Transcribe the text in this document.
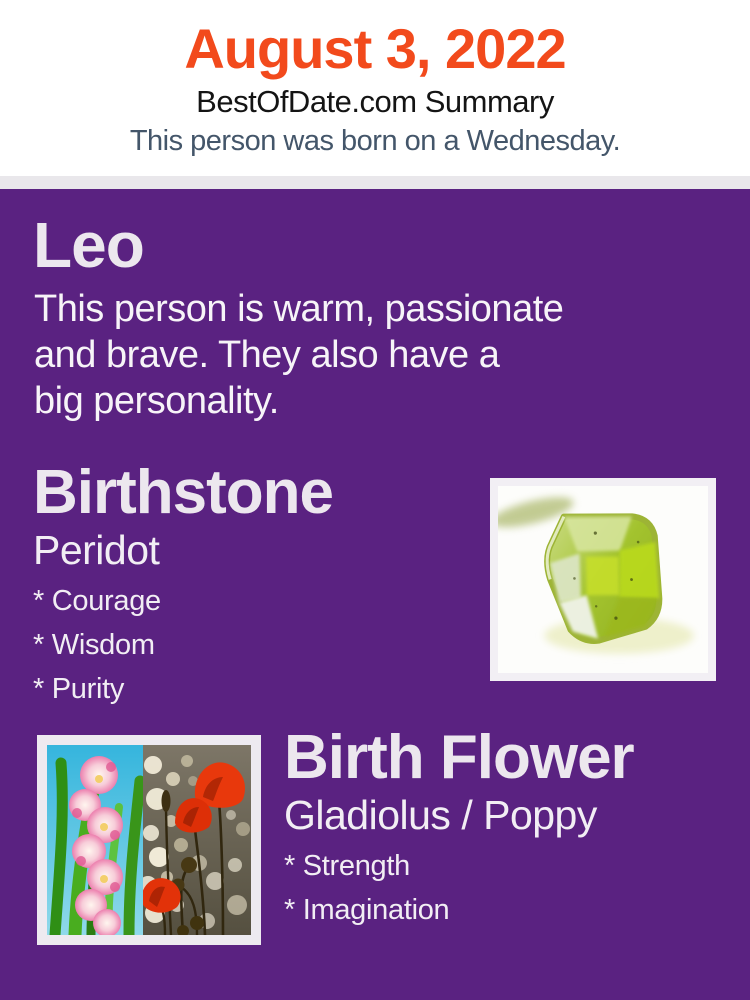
August 3, 2022
BestOfDate.com Summary
This person was born on a Wednesday.
Leo

This person is warm, passionate
and brave. They also have a
big personality.

Birthstone
Peridot
* Courage
* Wisdom
* Purity
Birth Flower
Gladiolus / Poppy
* Strength
* Imagination
